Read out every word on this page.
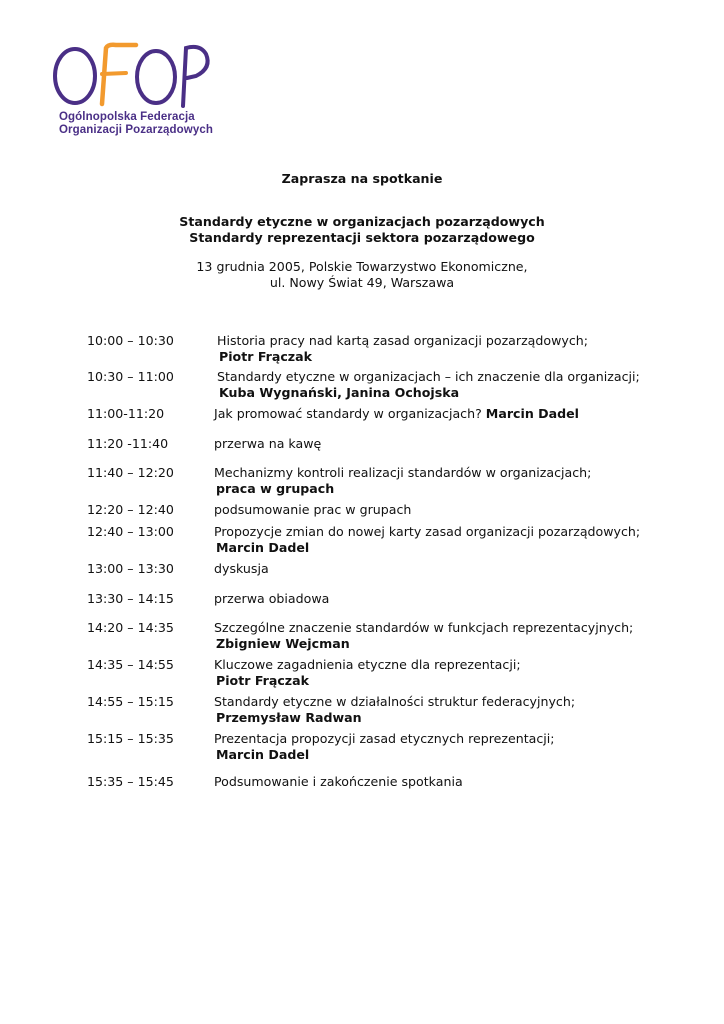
Ogólnopolska Federacja
Organizacji Pozarządowych
Zaprasza na spotkanie
Standardy etyczne w organizacjach pozarządowych
Standardy reprezentacji sektora pozarządowego
13 grudnia 2005, Polskie Towarzystwo Ekonomiczne,
ul. Nowy Świat 49, Warszawa
10:00 – 10:30	Historia pracy nad kartą zasad organizacji pozarządowych;
Piotr Frączak
10:30 – 11:00	Standardy etyczne w organizacjach – ich znaczenie dla organizacji;
Kuba Wygnański, Janina Ochojska
11:00-11:20	Jak promować standardy w organizacjach? Marcin Dadel
11:20 -11:40	przerwa na kawę
11:40 – 12:20	Mechanizmy kontroli realizacji standardów w organizacjach;
praca w grupach
12:20 – 12:40	podsumowanie prac w grupach
12:40 – 13:00	Propozycje zmian do nowej karty zasad organizacji pozarządowych;
Marcin Dadel
13:00 – 13:30	dyskusja
13:30 – 14:15	przerwa obiadowa
14:20 – 14:35	Szczególne znaczenie standardów w funkcjach reprezentacyjnych;
Zbigniew Wejcman
14:35 – 14:55	Kluczowe zagadnienia etyczne dla reprezentacji;
Piotr Frączak
14:55 – 15:15	Standardy etyczne w działalności struktur federacyjnych;
Przemysław Radwan
15:15 – 15:35	Prezentacja propozycji zasad etycznych reprezentacji;
Marcin Dadel
15:35 – 15:45	Podsumowanie i zakończenie spotkania
